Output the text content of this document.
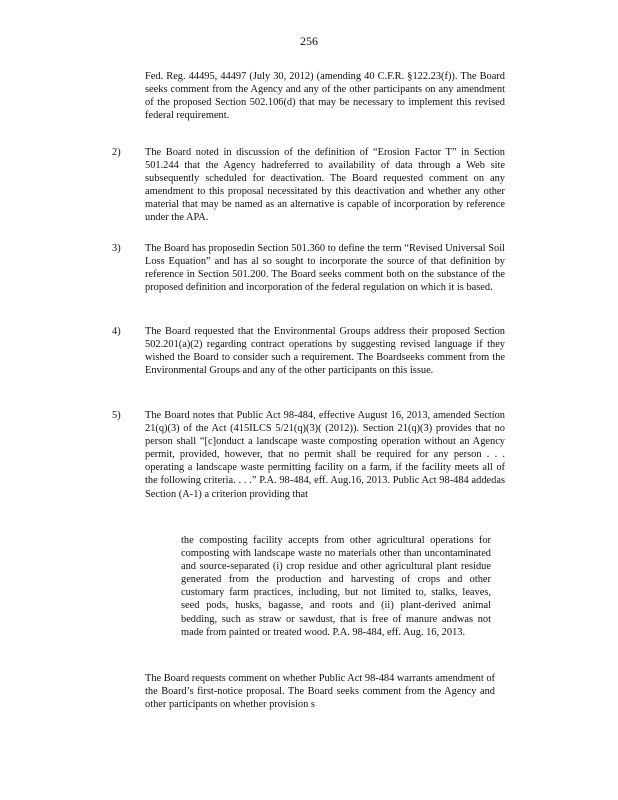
256
Fed. Reg. 44495, 44497 (July 30, 2012) (amending 40 C.F.R. §122.23(f)). The Board seeks comment from the Agency and any of the other participants on any amendment of the proposed Section 502.106(d) that may be necessary to implement this revised federal requirement.
2) The Board noted in discussion of the definition of “Erosion Factor T” in Section 501.244 that the Agency hadreferred to availability of data through a Web site subsequently scheduled for deactivation. The Board requested comment on any amendment to this proposal necessitated by this deactivation and whether any other material that may be named as an alternative is capable of incorporation by reference under the APA.
3) The Board has proposedin Section 501.360 to define the term “Revised Universal Soil Loss Equation” and has al so sought to incorporate the source of that definition by reference in Section 501.200. The Board seeks comment both on the substance of the proposed definition and incorporation of the federal regulation on which it is based.
4) The Board requested that the Environmental Groups address their proposed Section 502.201(a)(2) regarding contract operations by suggesting revised language if they wished the Board to consider such a requirement. The Boardseeks comment from the Environmental Groups and any of the other participants on this issue.
5) The Board notes that Public Act 98-484, effective August 16, 2013, amended Section 21(q)(3) of the Act (415ILCS 5/21(q)(3)( (2012)). Section 21(q)(3) provides that no person shall “[c]onduct a landscape waste composting operation without an Agency permit, provided, however, that no permit shall be required for any person . . . operating a landscape waste permitting facility on a farm, if the facility meets all of the following criteria. . . .” P.A. 98-484, eff. Aug.16, 2013. Public Act 98-484 addedas Section (A-1) a criterion providing that
the composting facility accepts from other agricultural operations for composting with landscape waste no materials other than uncontaminated and source-separated (i) crop residue and other agricultural plant residue generated from the production and harvesting of crops and other customary farm practices, including, but not limited to, stalks, leaves, seed pods, husks, bagasse, and roots and (ii) plant-derived animal bedding, such as straw or sawdust, that is free of manure andwas not made from painted or treated wood. P.A. 98-484, eff. Aug. 16, 2013.
The Board requests comment on whether Public Act 98-484 warrants amendment of the Board’s first-notice proposal. The Board seeks comment from the Agency and other participants on whether provision s
